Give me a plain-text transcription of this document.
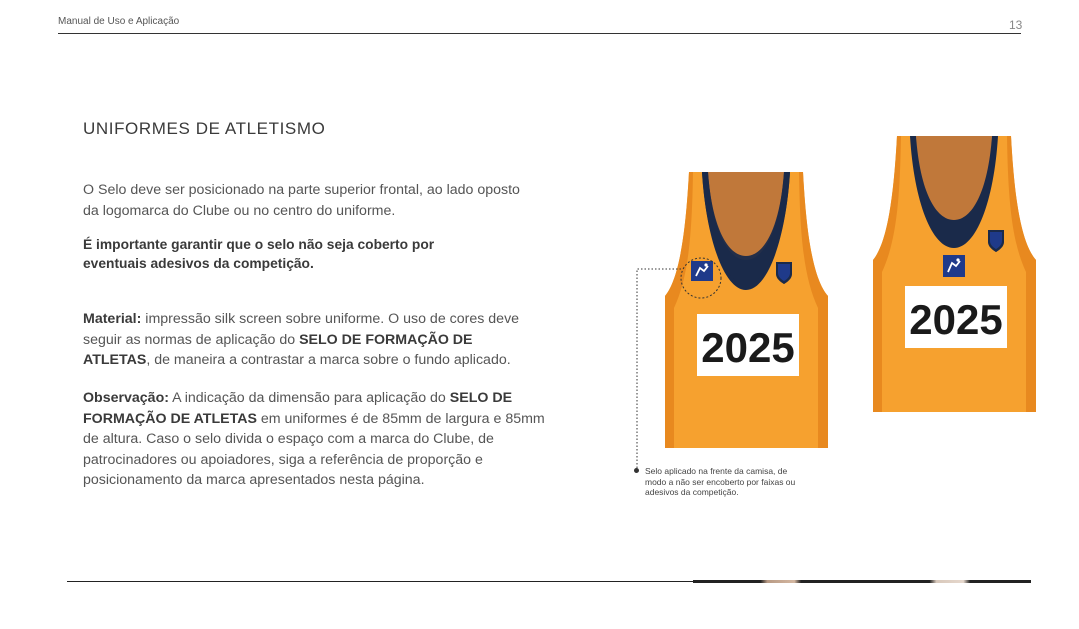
Manual de Uso e Aplicação	13
UNIFORMES DE ATLETISMO

O Selo deve ser posicionado na parte superior frontal, ao lado oposto da logomarca do Clube ou no centro do uniforme.

É importante garantir que o selo não seja coberto por eventuais adesivos da competição.

Material: impressão silk screen sobre uniforme. O uso de cores deve seguir as normas de aplicação do SELO DE FORMAÇÃO DE ATLETAS, de maneira a contrastar a marca sobre o fundo aplicado.

Observação: A indicação da dimensão para aplicação do SELO DE FORMAÇÃO DE ATLETAS em uniformes é de 85mm de largura e 85mm de altura. Caso o selo divida o espaço com a marca do Clube, de patrocinadores ou apoiadores, siga a referência de proporção e posicionamento da marca apresentados nesta página.

2025
2025

Selo aplicado na frente da camisa, de modo a não ser encoberto por faixas ou adesivos da competição.
